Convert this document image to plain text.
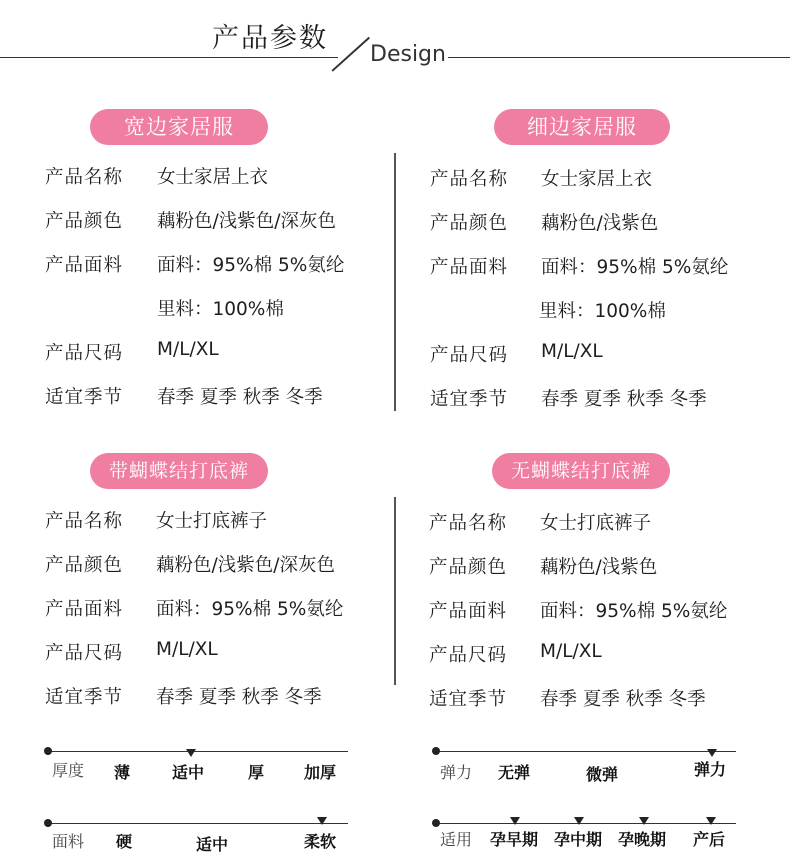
产品参数
Design
宽边家居服
产品名称 女士家居上衣
产品颜色 藕粉色/浅紫色/深灰色
产品面料 面料：95%棉 5%氨纶
里料：100%棉
产品尺码 M/L/XL
适宜季节 春季 夏季 秋季 冬季
细边家居服
产品名称 女士家居上衣
产品颜色 藕粉色/浅紫色
产品面料 面料：95%棉 5%氨纶
里料：100%棉
产品尺码 M/L/XL
适宜季节 春季 夏季 秋季 冬季
带蝴蝶结打底裤
产品名称 女士打底裤子
产品颜色 藕粉色/浅紫色/深灰色
产品面料 面料：95%棉 5%氨纶
产品尺码 M/L/XL
适宜季节 春季 夏季 秋季 冬季
无蝴蝶结打底裤
产品名称 女士打底裤子
产品颜色 藕粉色/浅紫色
产品面料 面料：95%棉 5%氨纶
产品尺码 M/L/XL
适宜季节 春季 夏季 秋季 冬季
厚度 薄	适中	厚 加厚	弹力 无弹	微弹	弹力
面料 硬	适中	柔软	适用 孕早期 孕中期 孕晚期 产后
